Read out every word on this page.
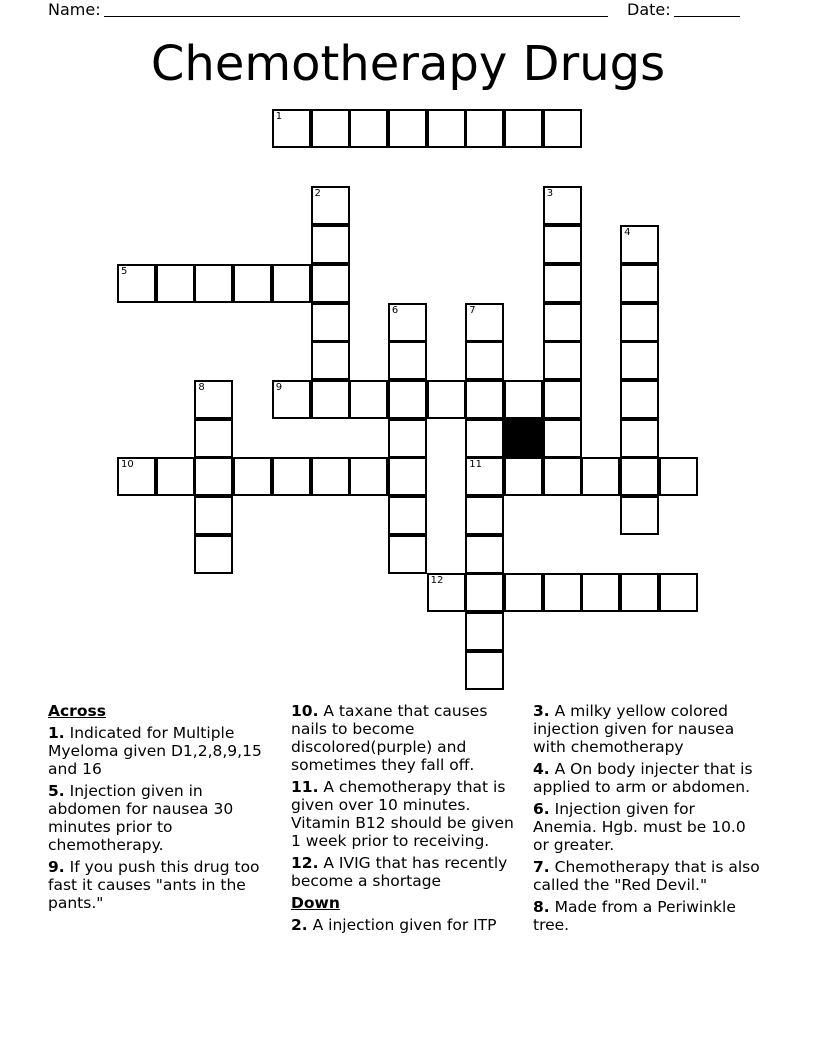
Name:	Date:
Chemotherapy Drugs
1
2	3
4
5
6	7
8	9
10	11
12
Across
1. Indicated for Multiple Myeloma given D1,2,8,9,15 and 16
5. Injection given in abdomen for nausea 30 minutes prior to chemotherapy.
9. If you push this drug too fast it causes "ants in the pants."
10. A taxane that causes nails to become discolored(purple) and sometimes they fall off.
11. A chemotherapy that is given over 10 minutes. Vitamin B12 should be given 1 week prior to receiving.
12. A IVIG that has recently become a shortage
Down
2. A injection given for ITP
3. A milky yellow colored injection given for nausea with chemotherapy
4. A On body injecter that is applied to arm or abdomen.
6. Injection given for Anemia. Hgb. must be 10.0 or greater.
7. Chemotherapy that is also called the "Red Devil."
8. Made from a Periwinkle tree.
